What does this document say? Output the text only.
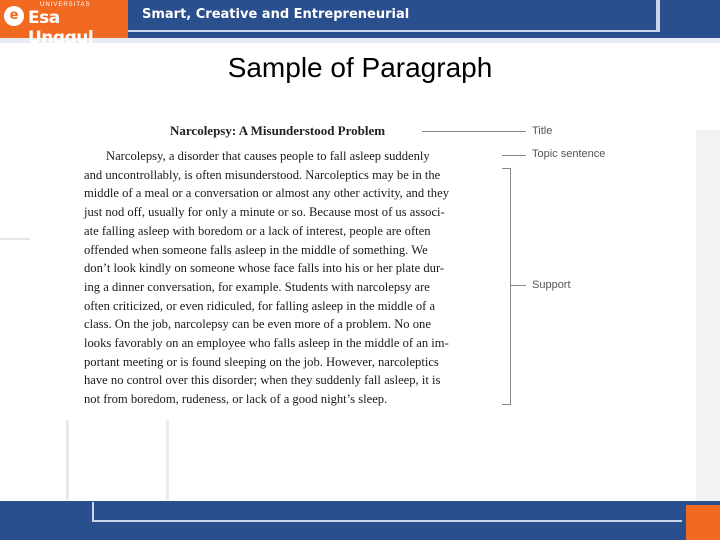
e
UNIVERSITAS
Esa Unggul
Smart, Creative and Entrepreneurial
Sample of Paragraph
Narcolepsy: A Misunderstood Problem
Narcolepsy, a disorder that causes people to fall asleep suddenly
and uncontrollably, is often misunderstood. Narcoleptics may be in the
middle of a meal or a conversation or almost any other activity, and they
just nod off, usually for only a minute or so. Because most of us associ-
ate falling asleep with boredom or a lack of interest, people are often
offended when someone falls asleep in the middle of something. We
don’t look kindly on someone whose face falls into his or her plate dur-
ing a dinner conversation, for example. Students with narcolepsy are
often criticized, or even ridiculed, for falling asleep in the middle of a
class. On the job, narcolepsy can be even more of a problem. No one
looks favorably on an employee who falls asleep in the middle of an im-
portant meeting or is found sleeping on the job. However, narcoleptics
have no control over this disorder; when they suddenly fall asleep, it is
not from boredom, rudeness, or lack of a good night’s sleep.
Title
Topic sentence
Support
